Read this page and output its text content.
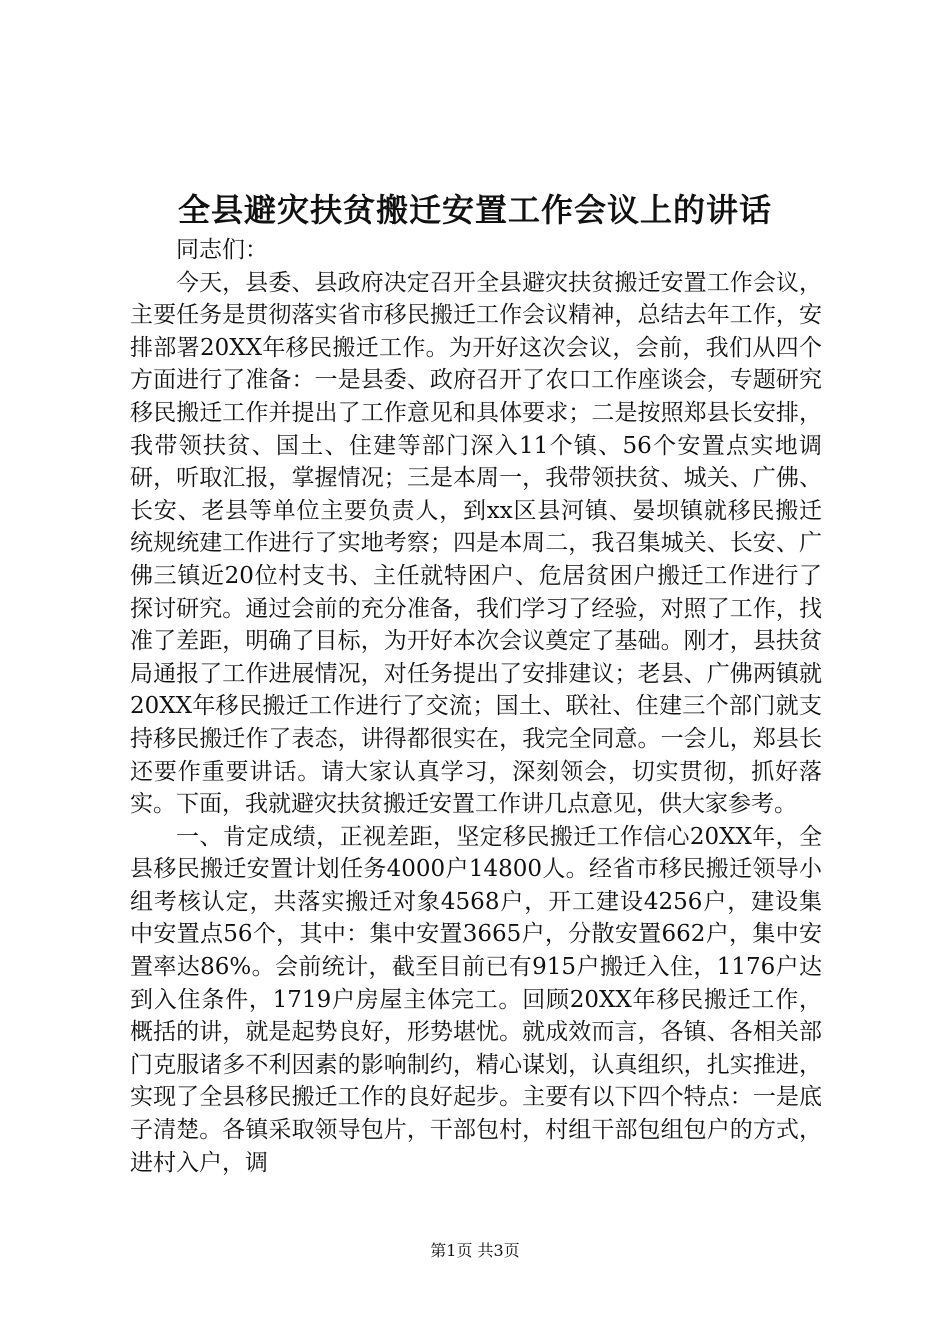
全县避灾扶贫搬迁安置工作会议上的讲话

同志们：

今天，县委、县政府决定召开全县避灾扶贫搬迁安置工作会议，主要任务是贯彻落实省市移民搬迁工作会议精神，总结去年工作，安排部署20XX年移民搬迁工作。为开好这次会议，会前，我们从四个方面进行了准备：一是县委、政府召开了农口工作座谈会，专题研究移民搬迁工作并提出了工作意见和具体要求；二是按照郑县长安排，我带领扶贫、国土、住建等部门深入11个镇、56个安置点实地调研，听取汇报，掌握情况；三是本周一，我带领扶贫、城关、广佛、长安、老县等单位主要负责人，到xx区县河镇、晏坝镇就移民搬迁统规统建工作进行了实地考察；四是本周二，我召集城关、长安、广佛三镇近20位村支书、主任就特困户、危居贫困户搬迁工作进行了探讨研究。通过会前的充分准备，我们学习了经验，对照了工作，找准了差距，明确了目标，为开好本次会议奠定了基础。刚才，县扶贫局通报了工作进展情况，对任务提出了安排建议；老县、广佛两镇就20XX年移民搬迁工作进行了交流；国土、联社、住建三个部门就支持移民搬迁作了表态，讲得都很实在，我完全同意。一会儿，郑县长还要作重要讲话。请大家认真学习，深刻领会，切实贯彻，抓好落实。下面，我就避灾扶贫搬迁安置工作讲几点意见，供大家参考。

一、肯定成绩，正视差距，坚定移民搬迁工作信心20XX年，全县移民搬迁安置计划任务4000户14800人。经省市移民搬迁领导小组考核认定，共落实搬迁对象4568户，开工建设4256户，建设集中安置点56个，其中：集中安置3665户，分散安置662户，集中安置率达86%。会前统计，截至目前已有915户搬迁入住，1176户达到入住条件，1719户房屋主体完工。回顾20XX年移民搬迁工作，概括的讲，就是起势良好，形势堪忧。就成效而言，各镇、各相关部门克服诸多不利因素的影响制约，精心谋划，认真组织，扎实推进，实现了全县移民搬迁工作的良好起步。主要有以下四个特点：一是底子清楚。各镇采取领导包片，干部包村，村组干部包组包户的方式，进村入户，调

第1页 共3页
